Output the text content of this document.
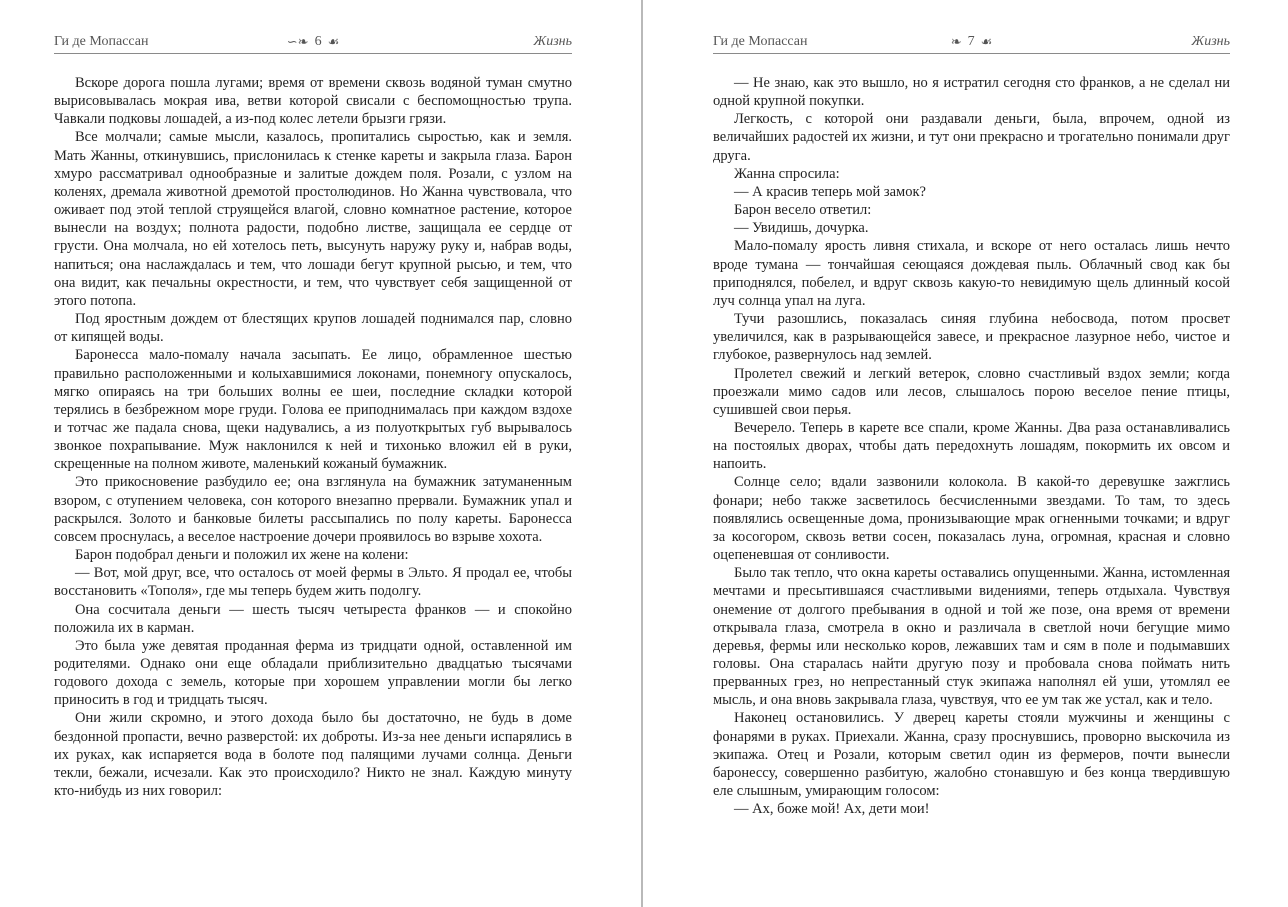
Ги де Мопассан	∽❧ 6 ☙	Жизнь

Вскоре дорога пошла лугами; время от времени сквозь водяной туман смутно вырисовывалась мокрая ива, ветви которой свисали с беспомощностью трупа. Чавкали подковы лошадей, а из-под колес летели брызги грязи.

Все молчали; самые мысли, казалось, пропитались сыростью, как и земля. Мать Жанны, откинувшись, прислонилась к стенке кареты и закрыла глаза. Барон хмуро рассматривал однообразные и залитые дождем поля. Розали, с узлом на коленях, дремала животной дремотой простолюдинов. Но Жанна чувствовала, что оживает под этой теплой струящейся влагой, словно комнатное растение, которое вынесли на воздух; полнота радости, подобно листве, защищала ее сердце от грусти. Она молчала, но ей хотелось петь, высунуть наружу руку и, набрав воды, напиться; она наслаждалась и тем, что лошади бегут крупной рысью, и тем, что она видит, как печальны окрестности, и тем, что чувствует себя защищенной от этого потопа.

Под яростным дождем от блестящих крупов лошадей поднимался пар, словно от кипящей воды.

Баронесса мало-помалу начала засыпать. Ее лицо, обрамленное шестью правильно расположенными и колыхавшимися локонами, понемногу опускалось, мягко опираясь на три больших волны ее шеи, последние складки которой терялись в безбрежном море груди. Голова ее приподнималась при каждом вздохе и тотчас же падала снова, щеки надувались, а из полуоткрытых губ вырывалось звонкое похрапывание. Муж наклонился к ней и тихонько вложил ей в руки, скрещенные на полном животе, маленький кожаный бумажник.

Это прикосновение разбудило ее; она взглянула на бумажник затуманенным взором, с отупением человека, сон которого внезапно прервали. Бумажник упал и раскрылся. Золото и банковые билеты рассыпались по полу кареты. Баронесса совсем проснулась, а веселое настроение дочери проявилось во взрыве хохота.

Барон подобрал деньги и положил их жене на колени:

— Вот, мой друг, все, что осталось от моей фермы в Эльто. Я продал ее, чтобы восстановить «Тополя», где мы теперь будем жить подолгу.

Она сосчитала деньги — шесть тысяч четыреста франков — и спокойно положила их в карман.

Это была уже девятая проданная ферма из тридцати одной, оставленной им родителями. Однако они еще обладали приблизительно двадцатью тысячами годового дохода с земель, которые при хорошем управлении могли бы легко приносить в год и тридцать тысяч.

Они жили скромно, и этого дохода было бы достаточно, не будь в доме бездонной пропасти, вечно разверстой: их доброты. Из-за нее деньги испарялись в их руках, как испаряется вода в болоте под палящими лучами солнца. Деньги текли, бежали, исчезали. Как это происходило? Никто не знал. Каждую минуту кто-нибудь из них говорил:

Ги де Мопассан	❧ 7 ☙	Жизнь

— Не знаю, как это вышло, но я истратил сегодня сто франков, а не сделал ни одной крупной покупки.

Легкость, с которой они раздавали деньги, была, впрочем, одной из величайших радостей их жизни, и тут они прекрасно и трогательно понимали друг друга.

Жанна спросила:

— А красив теперь мой замок?

Барон весело ответил:

— Увидишь, дочурка.

Мало-помалу ярость ливня стихала, и вскоре от него осталась лишь нечто вроде тумана — тончайшая сеющаяся дождевая пыль. Облачный свод как бы приподнялся, побелел, и вдруг сквозь какую-то невидимую щель длинный косой луч солнца упал на луга.

Тучи разошлись, показалась синяя глубина небосвода, потом просвет увеличился, как в разрывающейся завесе, и прекрасное лазурное небо, чистое и глубокое, развернулось над землей.

Пролетел свежий и легкий ветерок, словно счастливый вздох земли; когда проезжали мимо садов или лесов, слышалось порою веселое пение птицы, сушившей свои перья.

Вечерело. Теперь в карете все спали, кроме Жанны. Два раза останавливались на постоялых дворах, чтобы дать передохнуть лошадям, покормить их овсом и напоить.

Солнце село; вдали зазвонили колокола. В какой-то деревушке зажглись фонари; небо также засветилось бесчисленными звездами. То там, то здесь появлялись освещенные дома, пронизывающие мрак огненными точками; и вдруг за косогором, сквозь ветви сосен, показалась луна, огромная, красная и словно оцепеневшая от сонливости.

Было так тепло, что окна кареты оставались опущенными. Жанна, истомленная мечтами и пресытившаяся счастливыми видениями, теперь отдыхала. Чувствуя онемение от долгого пребывания в одной и той же позе, она время от времени открывала глаза, смотрела в окно и различала в светлой ночи бегущие мимо деревья, фермы или несколько коров, лежавших там и сям в поле и подымавших головы. Она старалась найти другую позу и пробовала снова поймать нить прерванных грез, но непрестанный стук экипажа наполнял ей уши, утомлял ее мысль, и она вновь закрывала глаза, чувствуя, что ее ум так же устал, как и тело.

Наконец остановились. У дверец кареты стояли мужчины и женщины с фонарями в руках. Приехали. Жанна, сразу проснувшись, проворно выскочила из экипажа. Отец и Розали, которым светил один из фермеров, почти вынесли баронессу, совершенно разбитую, жалобно стонавшую и без конца твердившую еле слышным, умирающим голосом:

— Ах, боже мой! Ах, дети мои!
